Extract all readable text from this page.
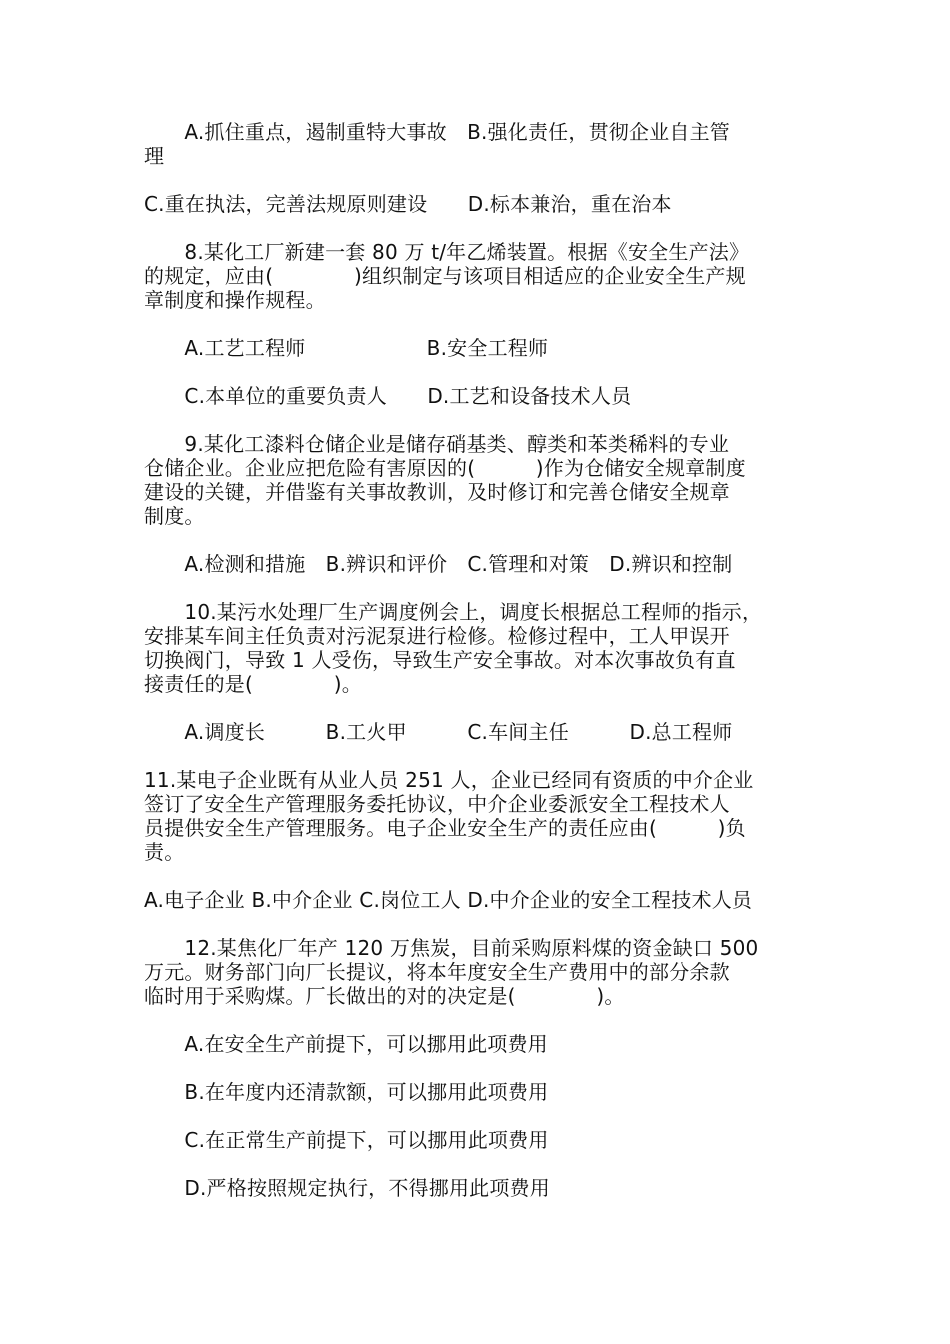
　　A.抓住重点，遏制重特大事故　B.强化责任，贯彻企业自主管
理
C.重在执法，完善法规原则建设　　D.标本兼治，重在治本
　　8.某化工厂新建一套 80 万 t/年乙烯装置。根据《安全生产法》
的规定，应由(　　　　)组织制定与该项目相适应的企业安全生产规
章制度和操作规程。
　　A.工艺工程师　　　　　　B.安全工程师
　　C.本单位的重要负责人　　D.工艺和设备技术人员
　　9.某化工漆料仓储企业是储存硝基类、醇类和苯类稀料的专业
仓储企业。企业应把危险有害原因的(　　　)作为仓储安全规章制度
建设的关键，并借鉴有关事故教训，及时修订和完善仓储安全规章
制度。
　　A.检测和措施　B.辨识和评价　C.管理和对策　D.辨识和控制
　　10.某污水处理厂生产调度例会上，调度长根据总工程师的指示，
安排某车间主任负责对污泥泵进行检修。检修过程中，工人甲误开
切换阀门，导致 1 人受伤，导致生产安全事故。对本次事故负有直
接责任的是(　　　　)。
　　A.调度长　　　B.工火甲　　　C.车间主任　　　D.总工程师
11.某电子企业既有从业人员 251 人，企业已经同有资质的中介企业
签订了安全生产管理服务委托协议，中介企业委派安全工程技术人
员提供安全生产管理服务。电子企业安全生产的责任应由(　　　)负
责。
A.电子企业 B.中介企业 C.岗位工人 D.中介企业的安全工程技术人员
　　12.某焦化厂年产 120 万焦炭，目前采购原料煤的资金缺口 500
万元。财务部门向厂长提议，将本年度安全生产费用中的部分余款
临时用于采购煤。厂长做出的对的决定是(　　　　)。
　　A.在安全生产前提下，可以挪用此项费用
　　B.在年度内还清款额，可以挪用此项费用
　　C.在正常生产前提下，可以挪用此项费用
　　D.严格按照规定执行，不得挪用此项费用
